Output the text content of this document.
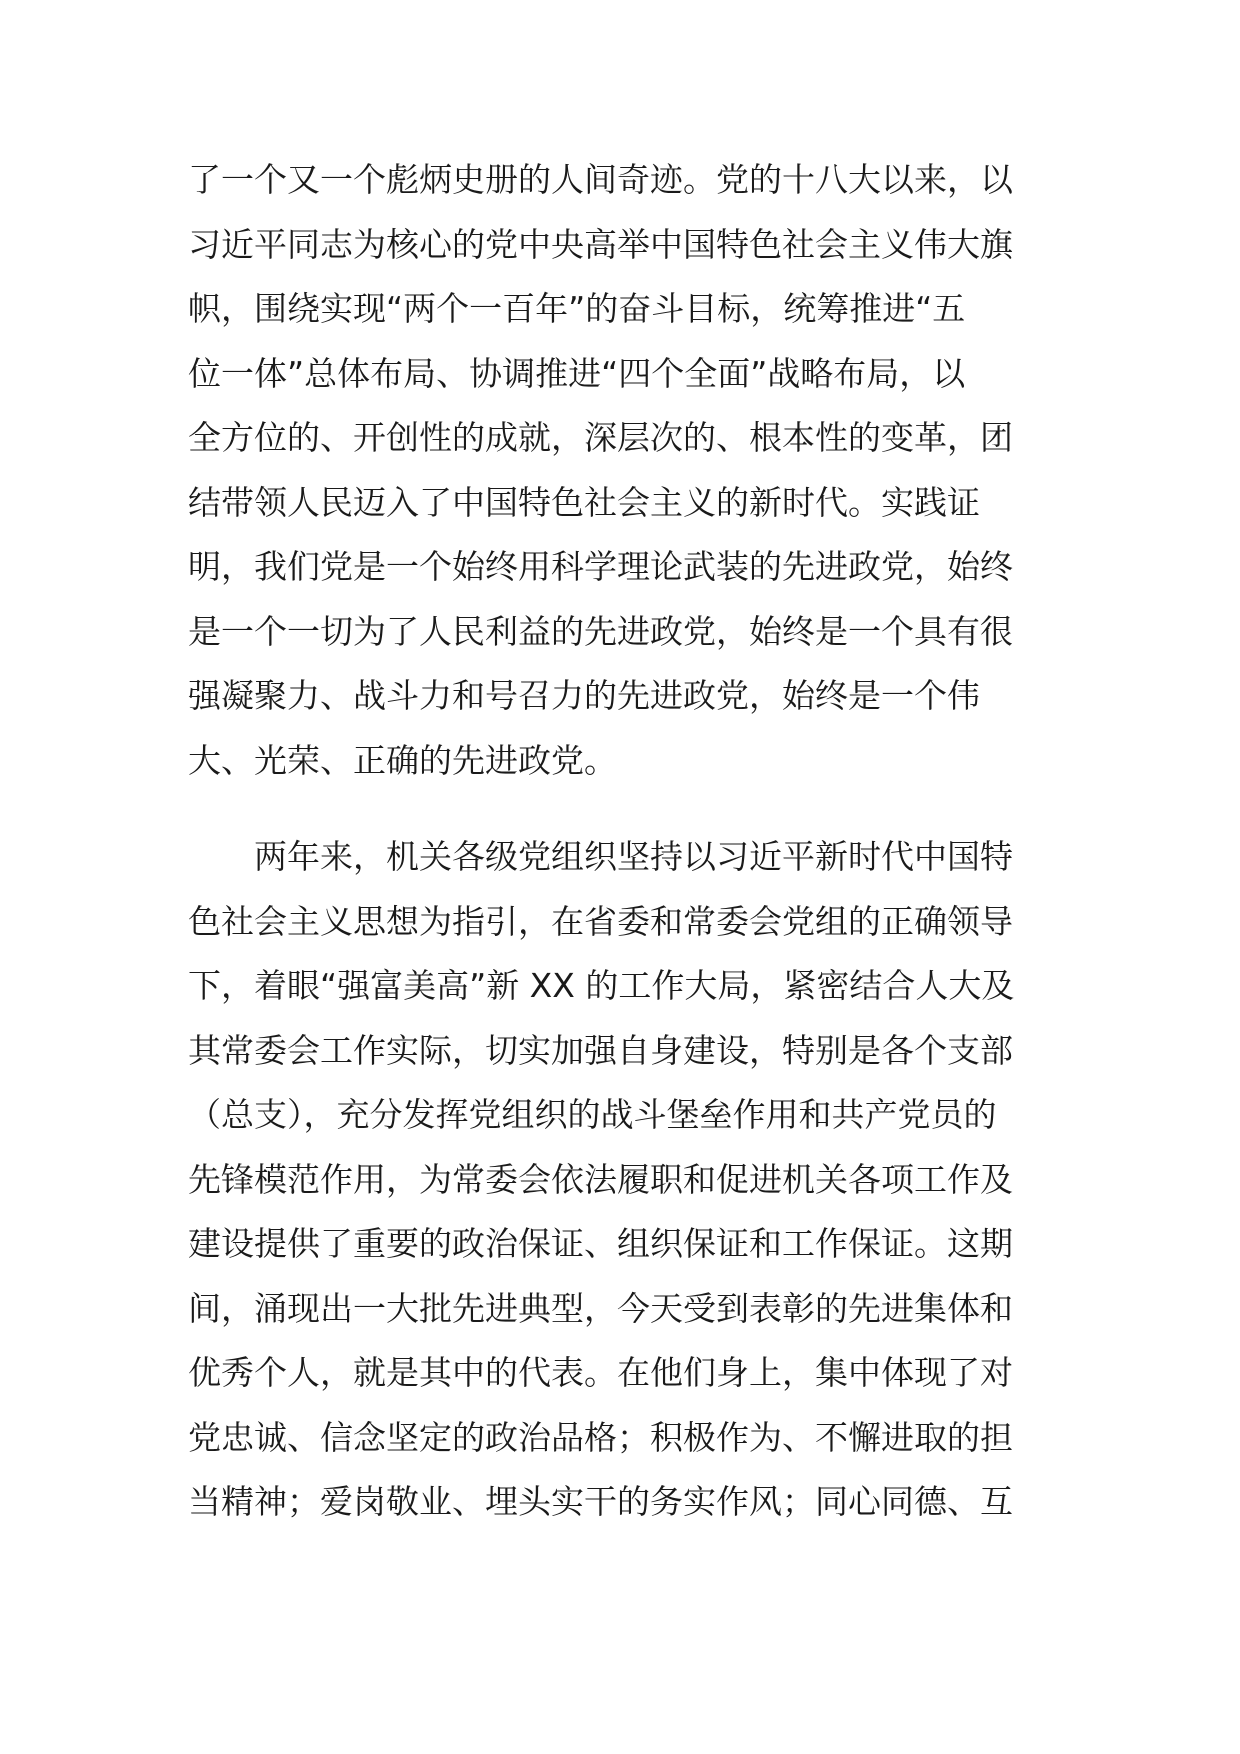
了一个又一个彪炳史册的人间奇迹。党的十八大以来，以
习近平同志为核心的党中央高举中国特色社会主义伟大旗
帜，围绕实现“两个一百年”的奋斗目标，统筹推进“五
位一体”总体布局、协调推进“四个全面”战略布局，以
全方位的、开创性的成就，深层次的、根本性的变革，团
结带领人民迈入了中国特色社会主义的新时代。实践证
明，我们党是一个始终用科学理论武装的先进政党，始终
是一个一切为了人民利益的先进政党，始终是一个具有很
强凝聚力、战斗力和号召力的先进政党，始终是一个伟
大、光荣、正确的先进政党。
两年来，机关各级党组织坚持以习近平新时代中国特
色社会主义思想为指引，在省委和常委会党组的正确领导
下，着眼“强富美高”新 XX 的工作大局，紧密结合人大及
其常委会工作实际，切实加强自身建设，特别是各个支部
（总支），充分发挥党组织的战斗堡垒作用和共产党员的
先锋模范作用，为常委会依法履职和促进机关各项工作及
建设提供了重要的政治保证、组织保证和工作保证。这期
间，涌现出一大批先进典型，今天受到表彰的先进集体和
优秀个人，就是其中的代表。在他们身上，集中体现了对
党忠诚、信念坚定的政治品格；积极作为、不懈进取的担
当精神；爱岗敬业、埋头实干的务实作风；同心同德、互
